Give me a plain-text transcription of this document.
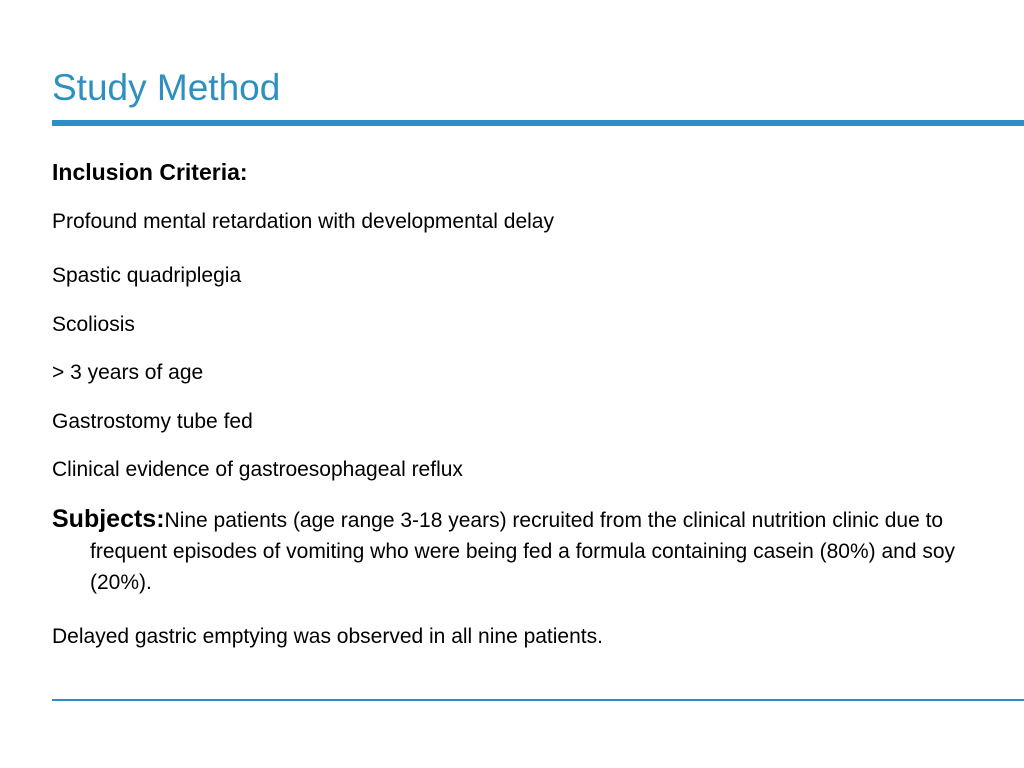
Study Method
Inclusion Criteria:
Profound mental retardation with developmental delay
Spastic quadriplegia
Scoliosis
> 3 years of age
Gastrostomy tube fed
Clinical evidence of gastroesophageal reflux
Subjects:Nine patients (age range 3-18 years) recruited from the clinical nutrition clinic due to frequent episodes of vomiting who were being fed a formula containing casein (80%) and soy (20%).
Delayed gastric emptying was observed in all nine patients.
